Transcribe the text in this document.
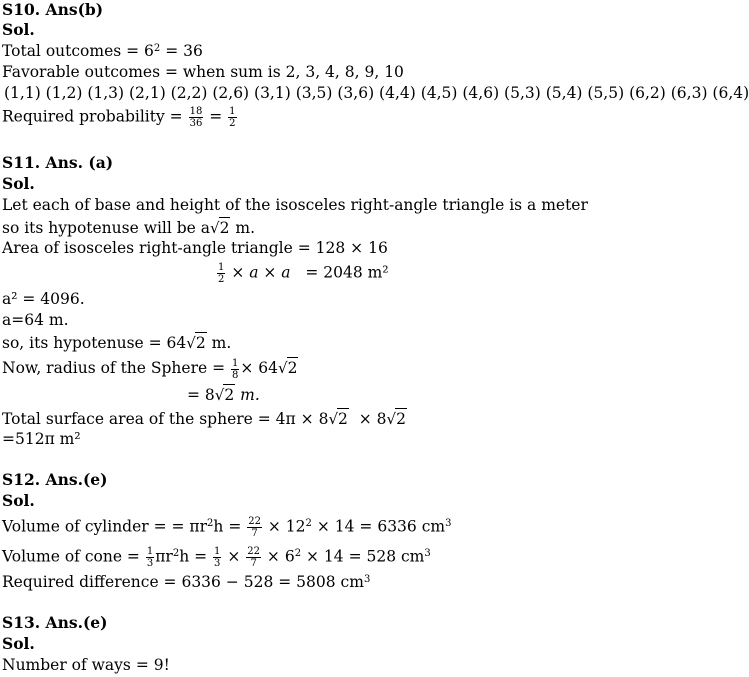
S10. Ans(b)
Sol.
Total outcomes = $6^2 = 36$
Favorable outcomes = when sum is 2, 3, 4, 8, 9, 10
(1,1) (1,2) (1,3) (2,1) (2,2) (2,6) (3,1) (3,5) (3,6) (4,4) (4,5) (4,6) (5,3) (5,4) (5,5) (6,2) (6,3) (6,4)
Required probability = $\frac{18}{36} = \frac{1}{2}$
S11. Ans. (a)
Sol.
Let each of base and height of the isosceles right-angle triangle is a meter
so its hypotenuse will be a √ 2 m.
Area of isosceles right-angle triangle = 128 × 16
$\frac{1}{2} \times a \times a = 2048$ m²
a² = 4096.
a=64 m.
so, its hypotenuse = 64 √ 2 m.
Now, radius of the Sphere = $\frac{1}{8} \times 64$ √ 2
= 8 √ 2 m.
Total surface area of the sphere = 4π × 8 √ 2 × 8 √ 2
=512π m²
S12. Ans.(e)
Sol.
Volume of cylinder = = $\pi r^2h = \frac{22}{7} \times 12^2 \times 14 = 6336$ $cm^3$
Volume of cone = $\frac{1}{3} \pi r^2h = \frac{1}{3} \times \frac{22}{7} \times 6^2 \times 14 = 528$ $cm^3$
Required difference = 6336 − 528 = 5808 $cm^3$
S13. Ans.(e)
Sol.
Number of ways = 9!
